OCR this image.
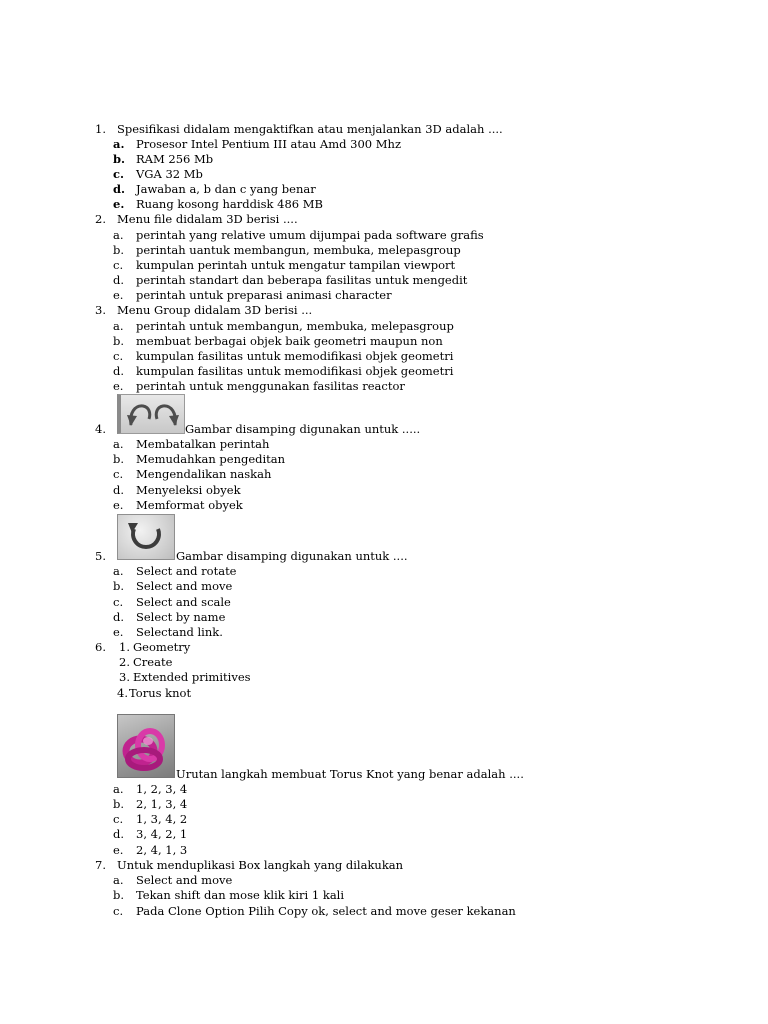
1. Spesifikasi didalam mengaktifkan atau menjalankan 3D adalah ....
a. Prosesor Intel Pentium III atau Amd 300 Mhz
b. RAM 256 Mb
c. VGA 32 Mb
d. Jawaban a, b dan c yang benar
e. Ruang kosong harddisk 486 MB
2. Menu file didalam 3D berisi ....
a. perintah yang relative umum dijumpai pada software grafis
b. perintah uantuk membangun, membuka, melepasgroup
c. kumpulan perintah untuk mengatur tampilan viewport
d. perintah standart dan beberapa fasilitas untuk mengedit
e. perintah untuk preparasi animasi character
3. Menu Group didalam 3D berisi ...
a. perintah untuk membangun, membuka, melepasgroup
b. membuat berbagai objek baik geometri maupun non
c. kumpulan fasilitas untuk memodifikasi objek geometri
d. kumpulan fasilitas untuk memodifikasi objek geometri
e. perintah untuk menggunakan fasilitas reactor
4.	Gambar disamping digunakan untuk .....
a. Membatalkan perintah
b. Memudahkan pengeditan
c. Mengendalikan naskah
d. Menyeleksi obyek
e. Memformat obyek
5.	Gambar disamping digunakan untuk ....
a. Select and rotate
b. Select and move
c. Select and scale
d. Select by name
e. Selectand link.
6. 1. Geometry
2. Create
3. Extended primitives
4. Torus knot
Urutan langkah membuat Torus Knot yang benar adalah ....
a. 1, 2, 3, 4
b. 2, 1, 3, 4
c. 1, 3, 4, 2
d. 3, 4, 2, 1
e. 2, 4, 1, 3
7. Untuk menduplikasi Box langkah yang dilakukan
a. Select and move
b. Tekan shift dan mose klik kiri 1 kali
c. Pada Clone Option Pilih Copy ok, select and move geser kekanan
